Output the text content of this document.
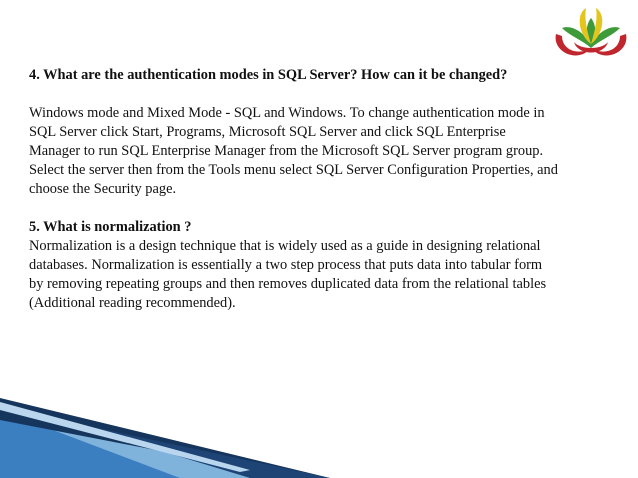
4. What are the authentication modes in SQL Server? How can it be changed?

Windows mode and Mixed Mode - SQL and Windows. To change authentication mode in

SQL Server click Start, Programs, Microsoft SQL Server and click SQL Enterprise

Manager to run SQL Enterprise Manager from the Microsoft SQL Server program group.

Select the server then from the Tools menu select SQL Server Configuration Properties, and

choose the Security page.

5. What is normalization ?

Normalization is a design technique that is widely used as a guide in designing relational

databases. Normalization is essentially a two step process that puts data into tabular form

by removing repeating groups and then removes duplicated data from the relational tables

(Additional reading recommended).
